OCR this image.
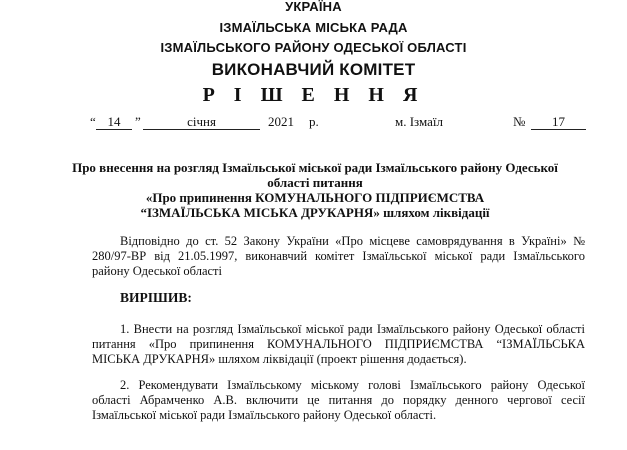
УКРАЇНА
ІЗМАЇЛЬСЬКА МІСЬКА РАДА
ІЗМАЇЛЬСЬКОГО РАЙОНУ ОДЕСЬКОЇ ОБЛАСТІ
ВИКОНАВЧИЙ КОМІТЕТ
Р І Ш Е Н Н Я
“ 14	”	січня	2021 р.	м. Ізмаїл	№	17
Про внесення на розгляд Ізмаїльської міської ради Ізмаїльського району Одеської
області питання
«Про припинення КОМУНАЛЬНОГО ПІДПРИЄМСТВА
“ІЗМАЇЛЬСЬКА МІСЬКА ДРУКАРНЯ» шляхом ліквідації

Відповідно до ст. 52 Закону України «Про місцеве самоврядування в Україні» № 280/97-ВР від 21.05.1997, виконавчий комітет Ізмаїльської міської ради Ізмаїльського району Одеської області

ВИРІШИВ:

1. Внести на розгляд Ізмаїльської міської ради Ізмаїльського району Одеської області питання «Про припинення КОМУНАЛЬНОГО ПІДПРИЄМСТВА “ІЗМАЇЛЬСЬКА МІСЬКА ДРУКАРНЯ» шляхом ліквідації (проект рішення додається).

2. Рекомендувати Ізмаїльському міському голові Ізмаїльського району Одеської області Абрамченко А.В. включити це питання до порядку денного чергової сесії Ізмаїльської міської ради Ізмаїльського району Одеської області.
